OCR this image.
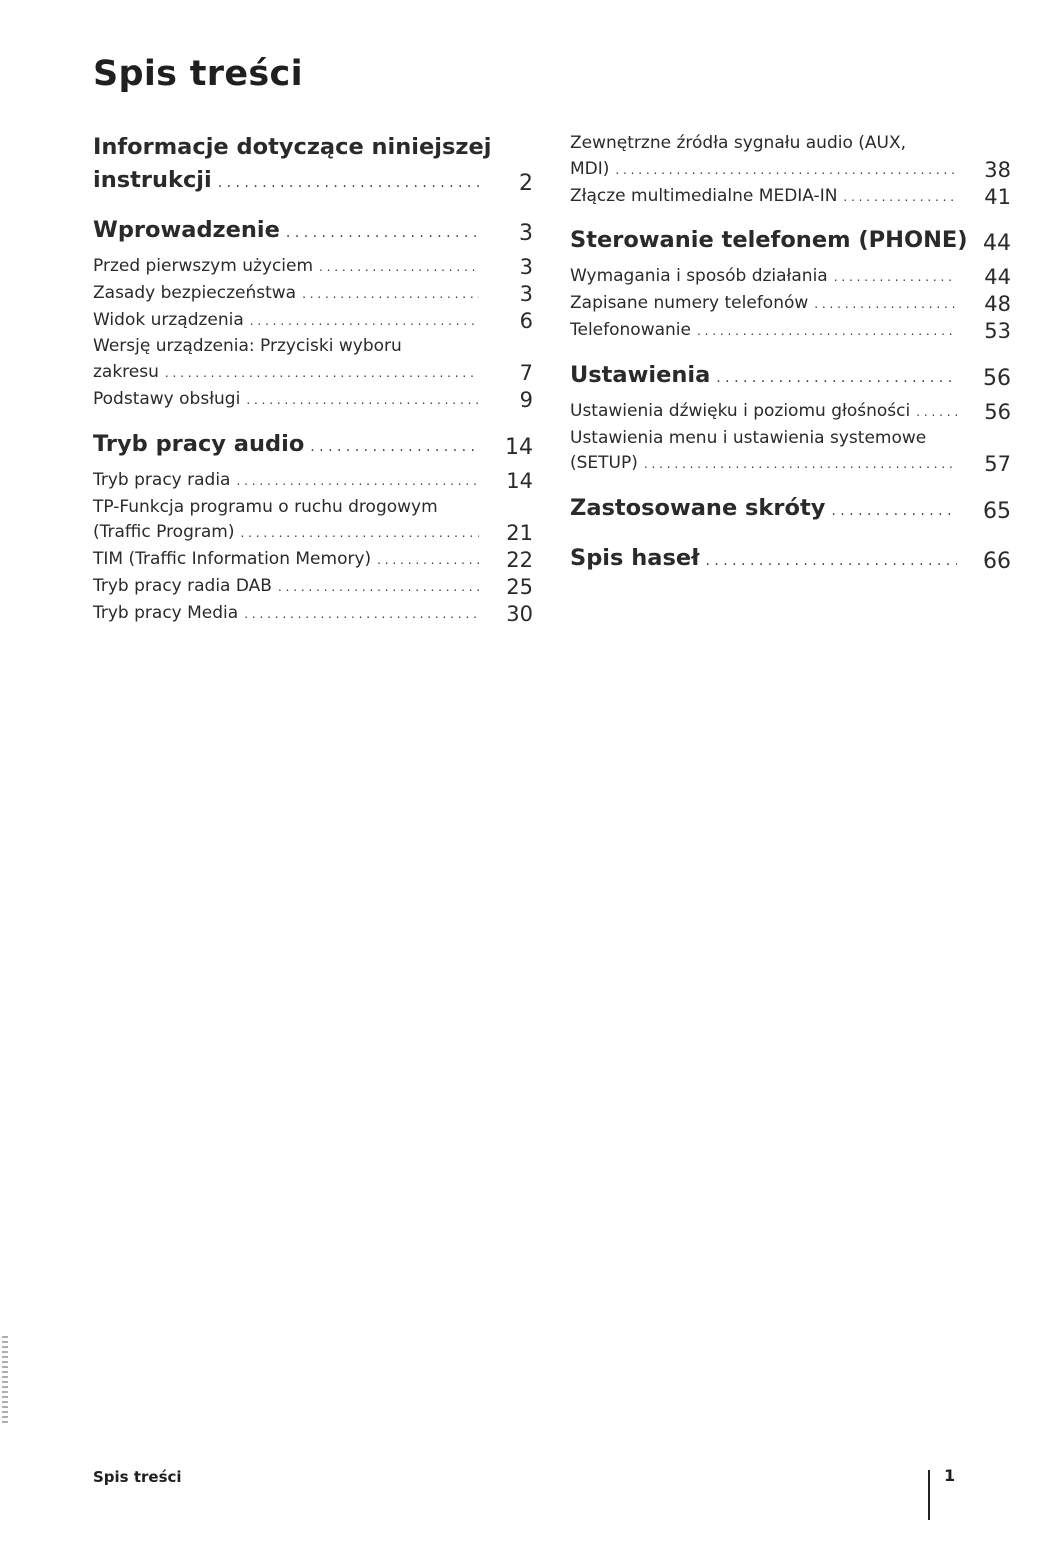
Spis treści
Informacje dotyczące niniejszej
instrukcji . . .	2
Wprowadzenie . . .	3
Przed pierwszym użyciem . . .	3
Zasady bezpieczeństwa . . .	3
Widok urządzenia . . .	6
Wersję urządzenia: Przyciski wyboru
zakresu . . .	7
Podstawy obsługi . . .	9
Tryb pracy audio . . .	14
Tryb pracy radia . . .	14
TP-Funkcja programu o ruchu drogowym
(Traffic Program) . . .	21
TIM (Traffic Information Memory) . . .	22
Tryb pracy radia DAB . . .	25
Tryb pracy Media . . .	30
Zewnętrzne źródła sygnału audio (AUX,
MDI) . . .	38
Złącze multimedialne MEDIA-IN . . .	41
Sterowanie telefonem (PHONE) 44
Wymagania i sposób działania . . .	44
Zapisane numery telefonów . . .	48
Telefonowanie . . .	53
Ustawienia . . .	56
Ustawienia dźwięku i poziomu głośności . . .	56
Ustawienia menu i ustawienia systemowe
(SETUP) . . .	57
Zastosowane skróty . . .	65
Spis haseł . . .	66
Spis treści	1
